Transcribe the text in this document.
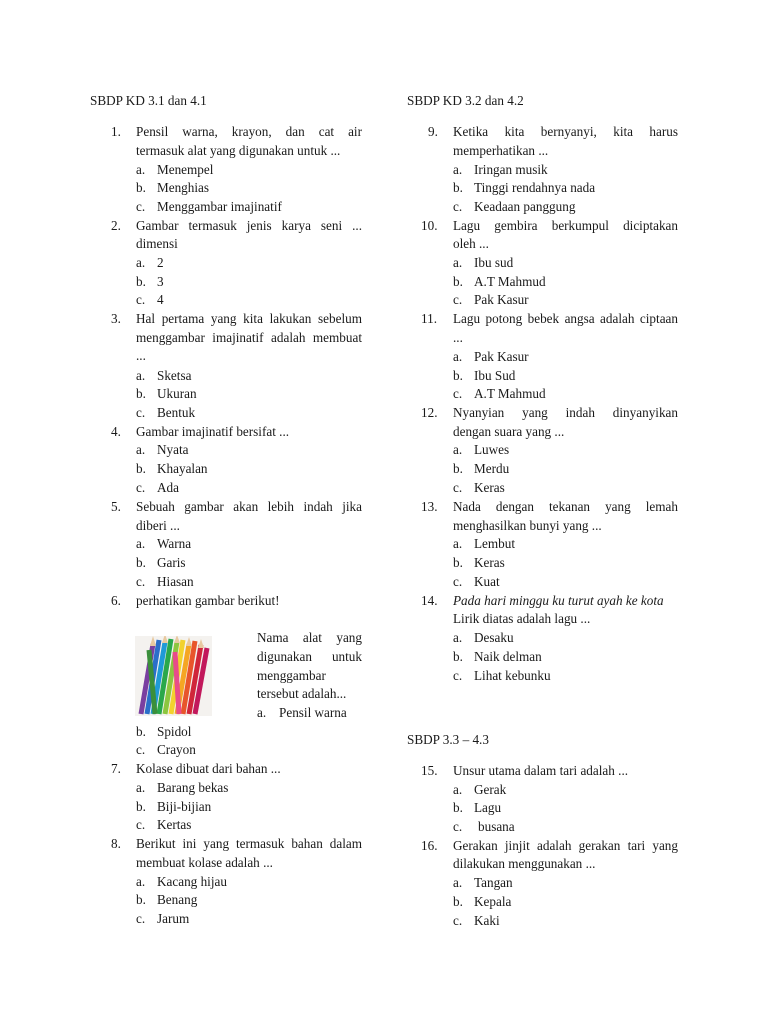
SBDP KD 3.1 dan 4.1
1. Pensil warna, krayon, dan cat air
termasuk alat yang digunakan untuk ...
a. Menempel
b. Menghias
c. Menggambar imajinatif
2. Gambar termasuk jenis karya seni ...
dimensi
a. 2
b. 3
c. 4
3. Hal pertama yang kita lakukan sebelum
menggambar imajinatif adalah membuat
...
a. Sketsa
b. Ukuran
c. Bentuk
4. Gambar imajinatif bersifat ...
a. Nyata
b. Khayalan
c. Ada
5. Sebuah gambar akan lebih indah jika
diberi ...
a. Warna
b. Garis
c. Hiasan
6. perhatikan gambar berikut!
Nama alat yang
digunakan untuk
menggambar
tersebut adalah...
a. Pensil warna
b. Spidol
c. Crayon
7. Kolase dibuat dari bahan ...
a. Barang bekas
b. Biji-bijian
c. Kertas
8. Berikut ini yang termasuk bahan dalam
membuat kolase adalah ...
a. Kacang hijau
b. Benang
c. Jarum
SBDP KD 3.2 dan 4.2
9. Ketika kita bernyanyi, kita harus
memperhatikan ...
a. Iringan musik
b. Tinggi rendahnya nada
c. Keadaan panggung
10. Lagu gembira berkumpul diciptakan
oleh ...
a. Ibu sud
b. A.T Mahmud
c. Pak Kasur
11. Lagu potong bebek angsa adalah ciptaan
...
a. Pak Kasur
b. Ibu Sud
c. A.T Mahmud
12. Nyanyian yang indah dinyanyikan
dengan suara yang ...
a. Luwes
b. Merdu
c. Keras
13. Nada dengan tekanan yang lemah
menghasilkan bunyi yang ...
a. Lembut
b. Keras
c. Kuat
14. Pada hari minggu ku turut ayah ke kota
Lirik diatas adalah lagu ...
a. Desaku
b. Naik delman
c. Lihat kebunku
SBDP 3.3 – 4.3
15. Unsur utama dalam tari adalah ...
a. Gerak
b. Lagu
c. busana
16. Gerakan jinjit adalah gerakan tari yang
dilakukan menggunakan ...
a. Tangan
b. Kepala
c. Kaki
